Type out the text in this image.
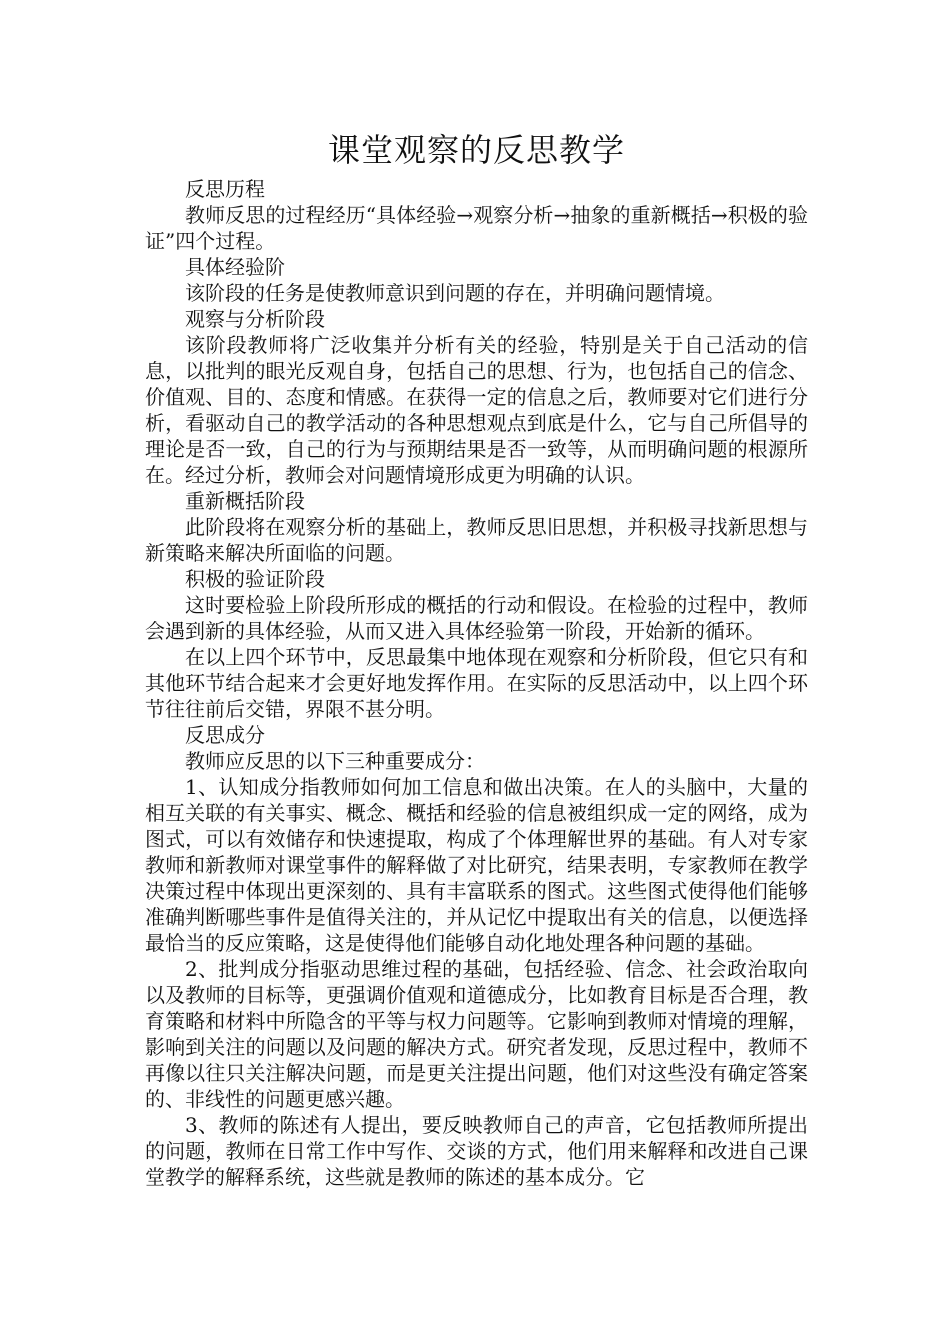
课堂观察的反思教学

反思历程

教师反思的过程经历“具体经验→观察分析→抽象的重新概括→积极的验证”四个过程。

具体经验阶

该阶段的任务是使教师意识到问题的存在，并明确问题情境。

观察与分析阶段

该阶段教师将广泛收集并分析有关的经验，特别是关于自己活动的信息，以批判的眼光反观自身，包括自己的思想、行为，也包括自己的信念、价值观、目的、态度和情感。在获得一定的信息之后，教师要对它们进行分析，看驱动自己的教学活动的各种思想观点到底是什么，它与自己所倡导的理论是否一致，自己的行为与预期结果是否一致等，从而明确问题的根源所在。经过分析，教师会对问题情境形成更为明确的认识。

重新概括阶段

此阶段将在观察分析的基础上，教师反思旧思想，并积极寻找新思想与新策略来解决所面临的问题。

积极的验证阶段

这时要检验上阶段所形成的概括的行动和假设。在检验的过程中，教师会遇到新的具体经验，从而又进入具体经验第一阶段，开始新的循环。

在以上四个环节中，反思最集中地体现在观察和分析阶段，但它只有和其他环节结合起来才会更好地发挥作用。在实际的反思活动中，以上四个环节往往前后交错，界限不甚分明。

反思成分

教师应反思的以下三种重要成分：

1、认知成分指教师如何加工信息和做出决策。在人的头脑中，大量的相互关联的有关事实、概念、概括和经验的信息被组织成一定的网络，成为图式，可以有效储存和快速提取，构成了个体理解世界的基础。有人对专家教师和新教师对课堂事件的解释做了对比研究，结果表明，专家教师在教学决策过程中体现出更深刻的、具有丰富联系的图式。这些图式使得他们能够准确判断哪些事件是值得关注的，并从记忆中提取出有关的信息，以便选择最恰当的反应策略，这是使得他们能够自动化地处理各种问题的基础。

2、批判成分指驱动思维过程的基础，包括经验、信念、社会政治取向以及教师的目标等，更强调价值观和道德成分，比如教育目标是否合理，教育策略和材料中所隐含的平等与权力问题等。它影响到教师对情境的理解，影响到关注的问题以及问题的解决方式。研究者发现，反思过程中，教师不再像以往只关注解决问题，而是更关注提出问题，他们对这些没有确定答案的、非线性的问题更感兴趣。

3、教师的陈述有人提出，要反映教师自己的声音，它包括教师所提出的问题，教师在日常工作中写作、交谈的方式，他们用来解释和改进自己课堂教学的解释系统，这些就是教师的陈述的基本成分。它
